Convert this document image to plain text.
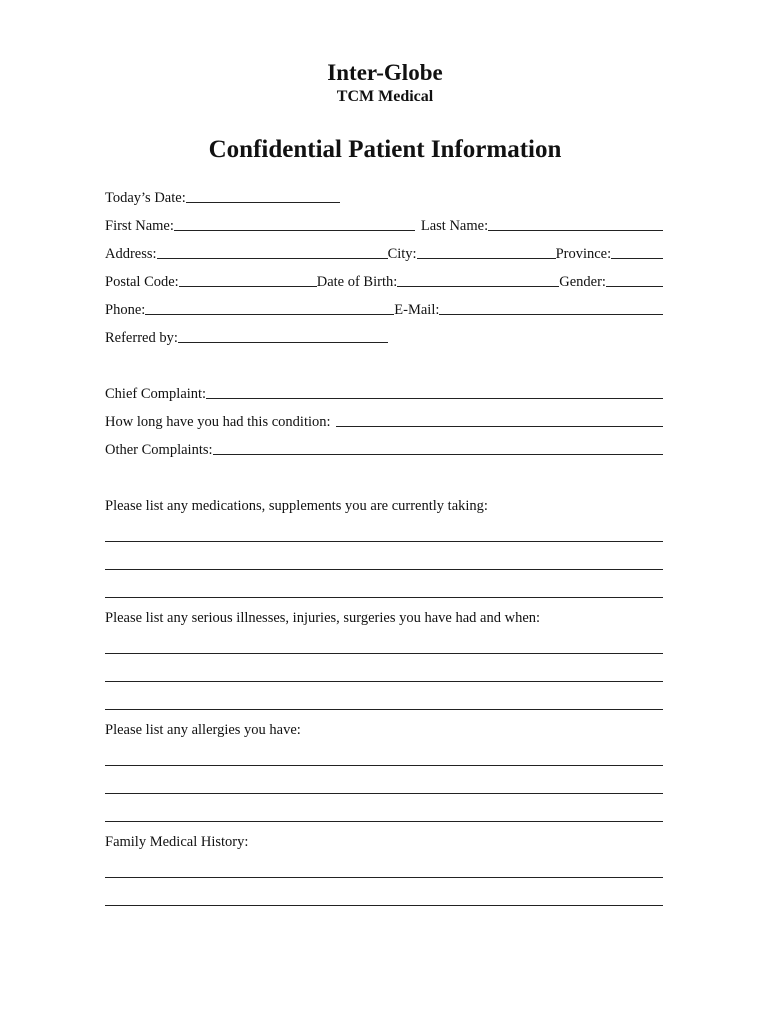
Inter-Globe
TCM Medical
Confidential Patient Information
Today’s Date:
First Name:	Last Name:
Address:	City:	Province:
Postal Code:	Date of Birth:	Gender:
Phone:	E-Mail:
Referred by:
Chief Complaint:
How long have you had this condition:
Other Complaints:
Please list any medications, supplements you are currently taking:
Please list any serious illnesses, injuries, surgeries you have had and when:
Please list any allergies you have:
Family Medical History:
